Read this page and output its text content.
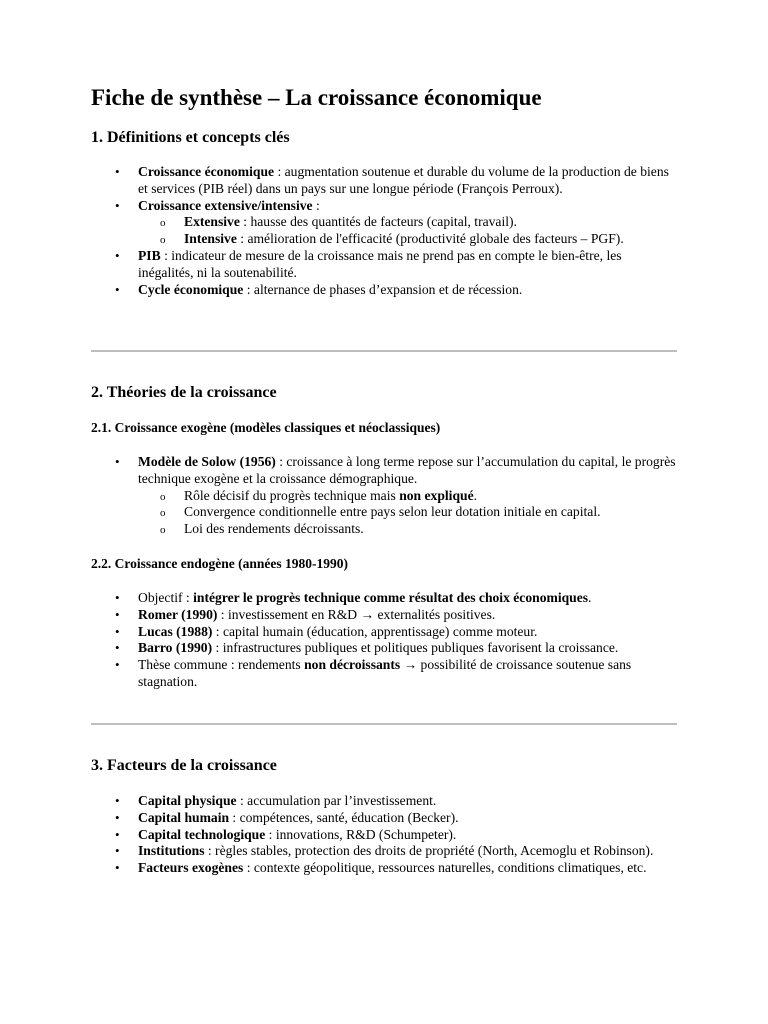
Fiche de synthèse – La croissance économique
1. Définitions et concepts clés
• Croissance économique : augmentation soutenue et durable du volume de la production de biens et services (PIB réel) dans un pays sur une longue période (François Perroux).
• Croissance extensive/intensive :
o Extensive : hausse des quantités de facteurs (capital, travail).
o Intensive : amélioration de l'efficacité (productivité globale des facteurs – PGF).
• PIB : indicateur de mesure de la croissance mais ne prend pas en compte le bien-être, les inégalités, ni la soutenabilité.
• Cycle économique : alternance de phases d’expansion et de récession.
2. Théories de la croissance
2.1. Croissance exogène (modèles classiques et néoclassiques)
• Modèle de Solow (1956) : croissance à long terme repose sur l’accumulation du capital, le progrès technique exogène et la croissance démographique.
o Rôle décisif du progrès technique mais non expliqué.
o Convergence conditionnelle entre pays selon leur dotation initiale en capital.
o Loi des rendements décroissants.
2.2. Croissance endogène (années 1980-1990)
• Objectif : intégrer le progrès technique comme résultat des choix économiques.
• Romer (1990) : investissement en R&D → externalités positives.
• Lucas (1988) : capital humain (éducation, apprentissage) comme moteur.
• Barro (1990) : infrastructures publiques et politiques publiques favorisent la croissance.
• Thèse commune : rendements non décroissants → possibilité de croissance soutenue sans stagnation.
3. Facteurs de la croissance
• Capital physique : accumulation par l’investissement.
• Capital humain : compétences, santé, éducation (Becker).
• Capital technologique : innovations, R&D (Schumpeter).
• Institutions : règles stables, protection des droits de propriété (North, Acemoglu et Robinson).
• Facteurs exogènes : contexte géopolitique, ressources naturelles, conditions climatiques, etc.
